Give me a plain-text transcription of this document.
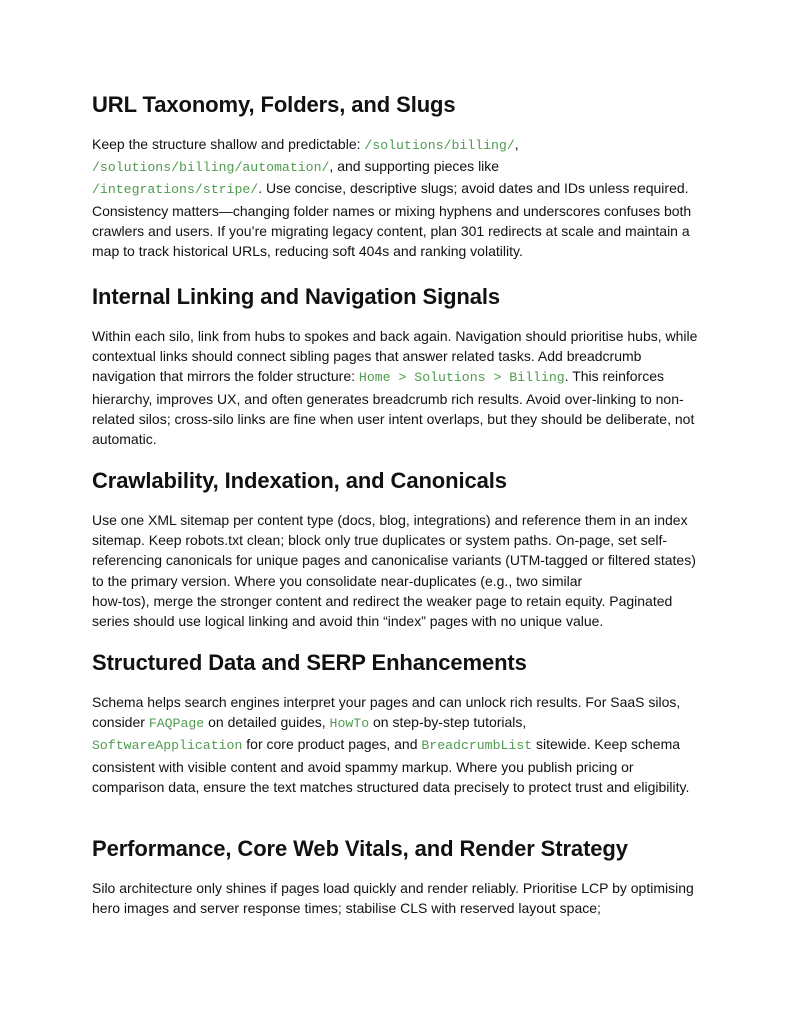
URL Taxonomy, Folders, and Slugs

Keep the structure shallow and predictable: /solutions/billing/,
/solutions/billing/automation/, and supporting pieces like
/integrations/stripe/. Use concise, descriptive slugs; avoid dates and IDs unless required. Consistency matters—changing folder names or mixing hyphens and underscores confuses both crawlers and users. If you’re migrating legacy content, plan 301 redirects at scale and maintain a map to track historical URLs, reducing soft 404s and ranking volatility.

Internal Linking and Navigation Signals

Within each silo, link from hubs to spokes and back again. Navigation should prioritise hubs, while contextual links should connect sibling pages that answer related tasks. Add breadcrumb navigation that mirrors the folder structure: Home > Solutions > Billing. This reinforces hierarchy, improves UX, and often generates breadcrumb rich results. Avoid over-linking to non-related silos; cross-silo links are fine when user intent overlaps, but they should be deliberate, not automatic.

Crawlability, Indexation, and Canonicals

Use one XML sitemap per content type (docs, blog, integrations) and reference them in an index sitemap. Keep robots.txt clean; block only true duplicates or system paths. On-page, set self-referencing canonicals for unique pages and canonicalise variants (UTM-tagged or filtered states) to the primary version. Where you consolidate near-duplicates (e.g., two similar
how-tos), merge the stronger content and redirect the weaker page to retain equity. Paginated series should use logical linking and avoid thin “index” pages with no unique value.

Structured Data and SERP Enhancements

Schema helps search engines interpret your pages and can unlock rich results. For SaaS silos, consider FAQPage on detailed guides, HowTo on step-by-step tutorials,
SoftwareApplication for core product pages, and BreadcrumbList sitewide. Keep schema consistent with visible content and avoid spammy markup. Where you publish pricing or comparison data, ensure the text matches structured data precisely to protect trust and eligibility.

Performance, Core Web Vitals, and Render Strategy

Silo architecture only shines if pages load quickly and render reliably. Prioritise LCP by optimising hero images and server response times; stabilise CLS with reserved layout space;
